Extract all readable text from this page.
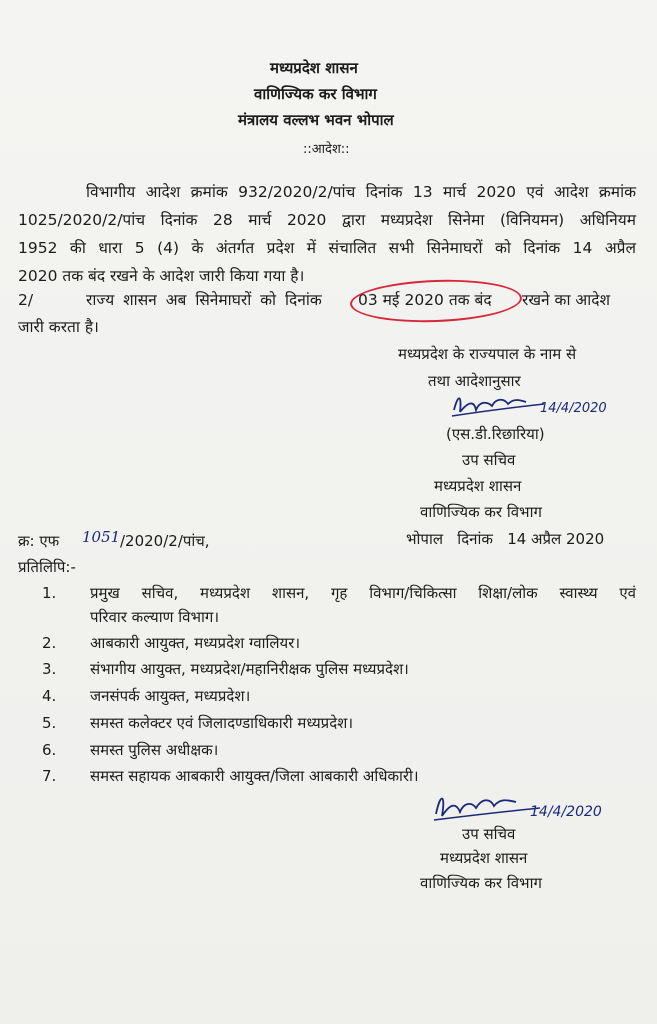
मध्यप्रदेश शासन
वाणिज्यिक कर विभाग
मंत्रालय वल्लभ भवन भोपाल
::आदेश::
विभागीय आदेश क्रमांक 932/2020/2/पांच दिनांक 13 मार्च 2020 एवं आदेश क्रमांक
1025/2020/2/पांच दिनांक 28 मार्च 2020 द्वारा मध्यप्रदेश सिनेमा (विनियमन) अधिनियम
1952 की धारा 5 (4) के अंतर्गत प्रदेश में संचालित सभी सिनेमाघरों को दिनांक 14 अप्रैल
2020 तक बंद रखने के आदेश जारी किया गया है।
2/	राज्य शासन अब सिनेमाघरों को दिनांक 03 मई 2020 तक बंद रखने का आदेश
जारी करता है।
मध्यप्रदेश के राज्यपाल के नाम से
तथा आदेशानुसार
14/4/2020
(एस.डी.रिछारिया)
उप सचिव
मध्यप्रदेश शासन
वाणिज्यिक कर विभाग
क्र: एफ 1051 /2020/2/पांच,	भोपाल   दिनांक   14 अप्रैल 2020
प्रतिलिपि:-
1. प्रमुख सचिव, मध्यप्रदेश शासन, गृह विभाग/चिकित्सा शिक्षा/लोक स्वास्थ्य एवं
परिवार कल्याण विभाग।
2. आबकारी आयुक्त, मध्यप्रदेश ग्वालियर।
3. संभागीय आयुक्त, मध्यप्रदेश/महानिरीक्षक पुलिस मध्यप्रदेश।
4. जनसंपर्क आयुक्त, मध्यप्रदेश।
5. समस्त कलेक्टर एवं जिलादण्डाधिकारी मध्यप्रदेश।
6. समस्त पुलिस अधीक्षक।
7. समस्त सहायक आबकारी आयुक्त/जिला आबकारी अधिकारी।
14/4/2020
उप सचिव
मध्यप्रदेश शासन
वाणिज्यिक कर विभाग
